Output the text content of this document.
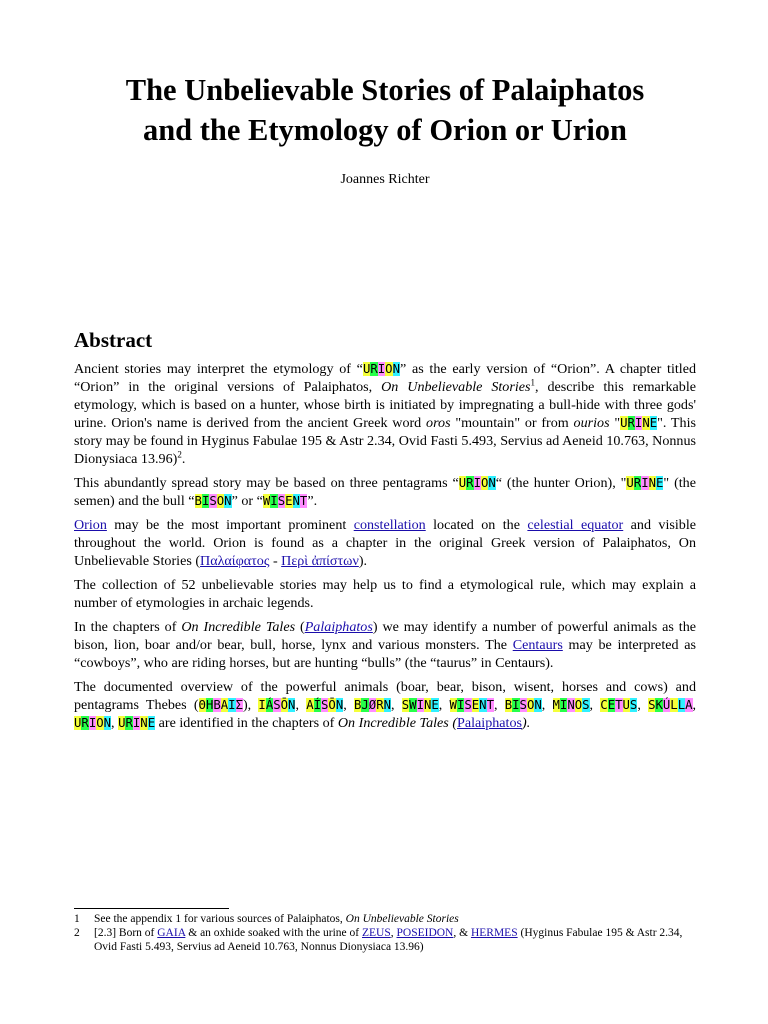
The Unbelievable Stories of Palaiphatos
and the Etymology of Orion or Urion
Joannes Richter
Abstract

Ancient stories may interpret the etymology of “URION” as the early version of “Orion”. A chapter titled “Orion” in the original versions of Palaiphatos, On Unbelievable Stories$^1$, describe this remarkable etymology, which is based on a hunter, whose birth is initiated by impregnating a bull-hide with three gods' urine. Orion's name is derived from the ancient Greek word oros "mountain" or from ourios "URINE". This story may be found in Hyginus Fabulae 195 & Astr 2.34, Ovid Fasti 5.493, Servius ad Aeneid 10.763, Nonnus Dionysiaca 13.96)$^2$.

This abundantly spread story may be based on three pentagrams “URION“ (the hunter Orion), "URINE" (the semen) and the bull “BISON” or “WISENT”.

Orion may be the most important prominent constellation located on the celestial equator and visible throughout the world. Orion is found as a chapter in the original Greek version of Palaiphatos, On Unbelievable Stories (Παλαίφατος - Περὶ ἀπίστων).

The collection of 52 unbelievable stories may help us to find a etymological rule, which may explain a number of etymologies in archaic legends.

In the chapters of On Incredible Tales (Palaiphatos) we may identify a number of powerful animals as the bison, lion, boar and/or bear, bull, horse, lynx and various monsters. The Centaurs may be interpreted as “cowboys”, who are riding horses, but are hunting “bulls” (the “taurus” in Centaurs).

The documented overview of the powerful animals (boar, bear, bison, wisent, horses and cows) and pentagrams Thebes (ΘΗΒΑΙΣ), IÁSŌN, AÍSŌN, BJØRN, SWINE, WISENT, BISON, MINOS, CETUS, SKÚLLA, URION, URINE are identified in the chapters of On Incredible Tales (Palaiphatos).

1	See the appendix 1 for various sources of Palaiphatos, On Unbelievable Stories
2	[2.3] Born of GAIA & an oxhide soaked with the urine of ZEUS, POSEIDON, & HERMES (Hyginus Fabulae 195 & Astr 2.34, Ovid Fasti 5.493, Servius ad Aeneid 10.763, Nonnus Dionysiaca 13.96)
